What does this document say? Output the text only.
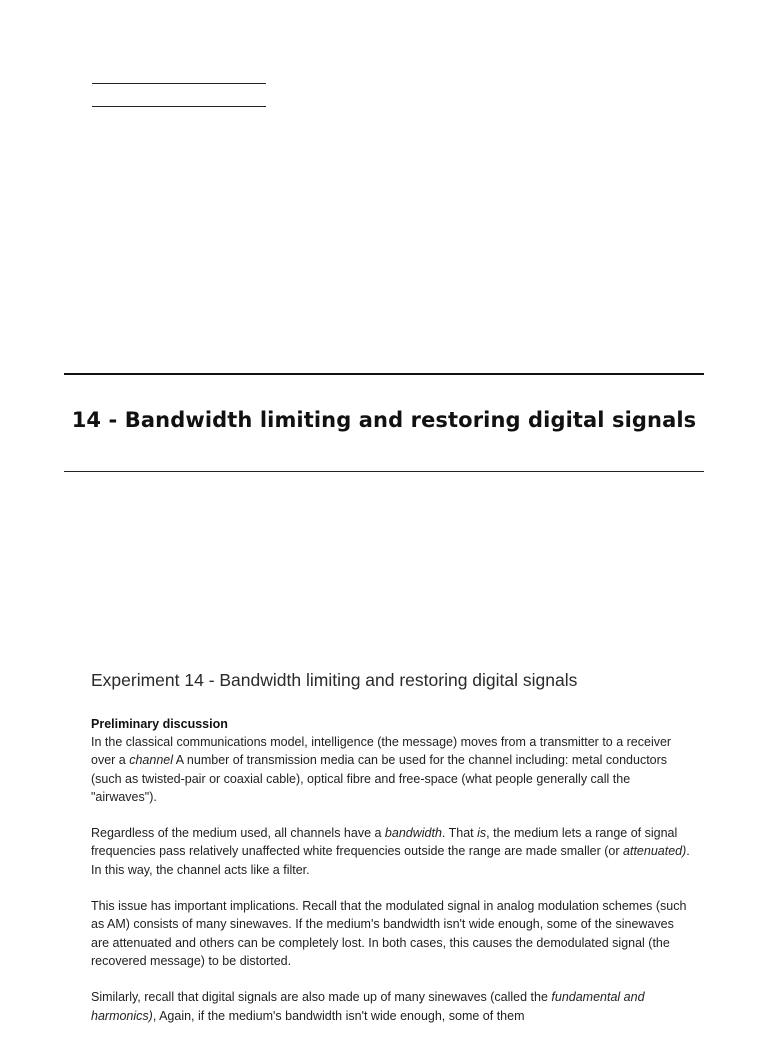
14 - Bandwidth limiting and restoring digital signals
Experiment 14 - Bandwidth limiting and restoring digital signals
Preliminary discussion

In the classical communications model, intelligence (the message) moves from a transmitter to a receiver over a channel A number of transmission media can be used for the channel including: metal conductors (such as twisted-pair or coaxial cable), optical fibre and free-space (what people generally call the "airwaves").

Regardless of the medium used, all channels have a bandwidth. That is, the medium lets a range of signal frequencies pass relatively unaffected white frequencies outside the range are made smaller (or attenuated). In this way, the channel acts like a filter.

This issue has important implications. Recall that the modulated signal in analog modulation schemes (such as AM) consists of many sinewaves. If the medium's bandwidth isn't wide enough, some of the sinewaves are attenuated and others can be completely lost. In both cases, this causes the demodulated signal (the recovered message) to be distorted.

Similarly, recall that digital signals are also made up of many sinewaves (called the fundamental and harmonics), Again, if the medium's bandwidth isn't wide enough, some of them
